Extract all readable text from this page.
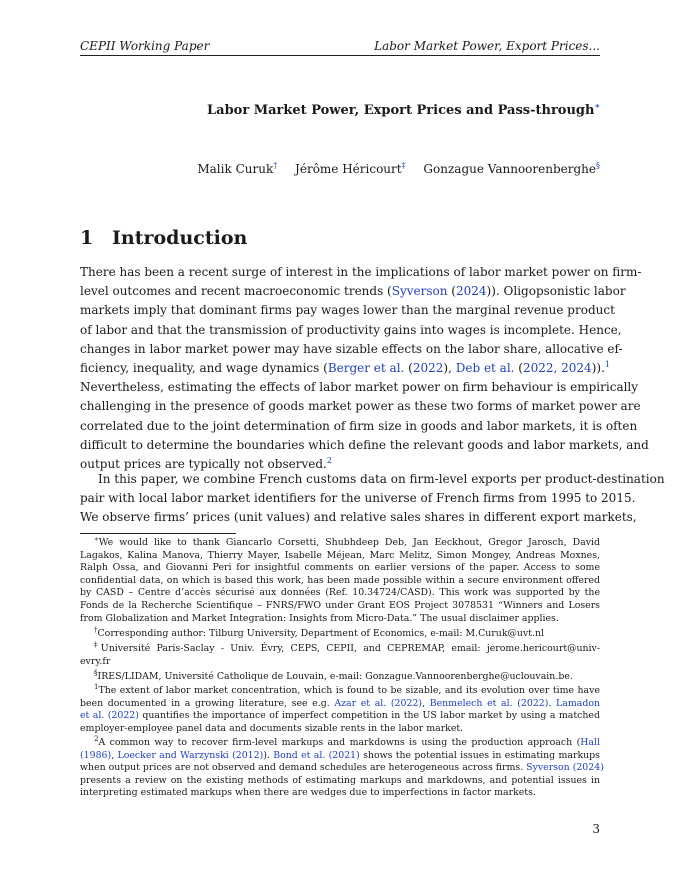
CEPII Working Paper	Labor Market Power, Export Prices...
Labor Market Power, Export Prices and Pass-through∗
Malik Curuk† Jérôme Héricourt‡ Gonzague Vannoorenberghe§
1 Introduction
There has been a recent surge of interest in the implications of labor market power on firm-
level outcomes and recent macroeconomic trends (Syverson (2024)). Oligopsonistic labor
markets imply that dominant firms pay wages lower than the marginal revenue product
of labor and that the transmission of productivity gains into wages is incomplete. Hence,
changes in labor market power may have sizable effects on the labor share, allocative ef-
ficiency, inequality, and wage dynamics (Berger et al. (2022), Deb et al. (2022, 2024)).$^1$
Nevertheless, estimating the effects of labor market power on firm behaviour is empirically
challenging in the presence of goods market power as these two forms of market power are
correlated due to the joint determination of firm size in goods and labor markets, it is often
difficult to determine the boundaries which define the relevant goods and labor markets, and
output prices are typically not observed.$^2$
In this paper, we combine French customs data on firm-level exports per product-destination
pair with local labor market identifiers for the universe of French firms from 1995 to 2015.
We observe firms’ prices (unit values) and relative sales shares in different export markets,
∗We would like to thank Giancarlo Corsetti, Shubhdeep Deb, Jan Eeckhout, Gregor Jarosch, David
Lagakos, Kalina Manova, Thierry Mayer, Isabelle Méjean, Marc Melitz, Simon Mongey, Andreas Moxnes,
Ralph Ossa, and Giovanni Peri for insightful comments on earlier versions of the paper. Access to some
confidential data, on which is based this work, has been made possible within a secure environment offered
by CASD – Centre d’accès sécurisé aux données (Ref. 10.34724/CASD). This work was supported by the
Fonds de la Recherche Scientifique – FNRS/FWO under Grant EOS Project 3078531 “Winners and Losers
from Globalization and Market Integration: Insights from Micro-Data.” The usual disclaimer applies.
†Corresponding author: Tilburg University, Department of Economics, e-mail: M.Curuk@uvt.nl
‡Université Paris-Saclay - Univ. Évry, CEPS, CEPII, and CEPREMAP, email: jerome.hericourt@univ-
evry.fr
§IRES/LIDAM, Université Catholique de Louvain, e-mail: Gonzague.Vannoorenberghe@uclouvain.be.
$^1$The extent of labor market concentration, which is found to be sizable, and its evolution over time have
been documented in a growing literature, see e.g. Azar et al. (2022), Benmelech et al. (2022). Lamadon
et al. (2022) quantifies the importance of imperfect competition in the US labor market by using a matched
employer-employee panel data and documents sizable rents in the labor market.
$^2$A common way to recover firm-level markups and markdowns is using the production approach (Hall
(1986), Loecker and Warzynski (2012)). Bond et al. (2021) shows the potential issues in estimating markups
when output prices are not observed and demand schedules are heterogeneous across firms. Syverson (2024)
presents a review on the existing methods of estimating markups and markdowns, and potential issues in
interpreting estimated markups when there are wedges due to imperfections in factor markets.
3
